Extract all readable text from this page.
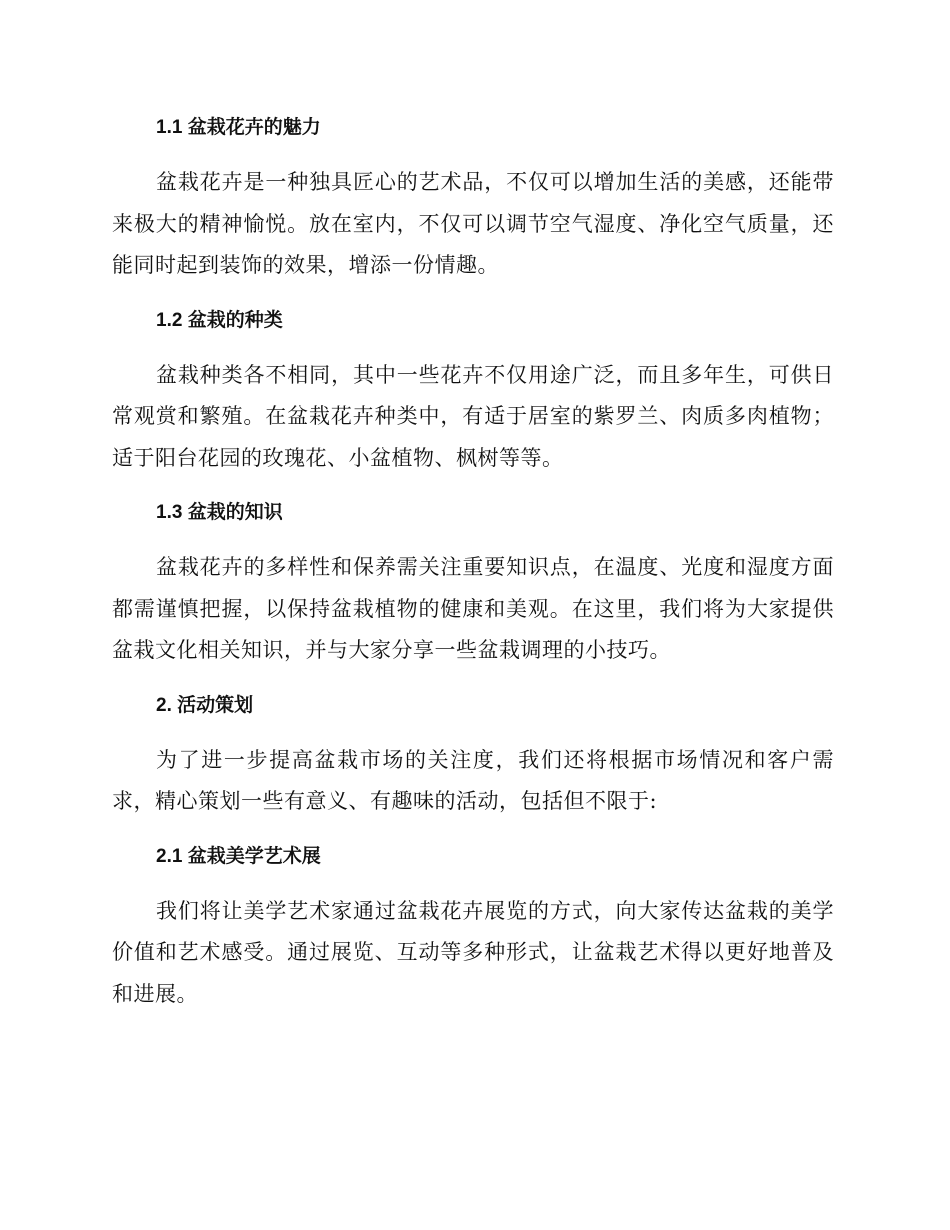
1.1 盆栽花卉的魅力

盆栽花卉是一种独具匠心的艺术品，不仅可以增加生活的美感，还能带来极大的精神愉悦。放在室内，不仅可以调节空气湿度、净化空气质量，还能同时起到装饰的效果，增添一份情趣。

1.2 盆栽的种类

盆栽种类各不相同，其中一些花卉不仅用途广泛，而且多年生，可供日常观赏和繁殖。在盆栽花卉种类中，有适于居室的紫罗兰、肉质多肉植物；适于阳台花园的玫瑰花、小盆植物、枫树等等。

1.3 盆栽的知识

盆栽花卉的多样性和保养需关注重要知识点，在温度、光度和湿度方面都需谨慎把握，以保持盆栽植物的健康和美观。在这里，我们将为大家提供盆栽文化相关知识，并与大家分享一些盆栽调理的小技巧。

2. 活动策划

为了进一步提高盆栽市场的关注度，我们还将根据市场情况和客户需求，精心策划一些有意义、有趣味的活动，包括但不限于:

2.1 盆栽美学艺术展

我们将让美学艺术家通过盆栽花卉展览的方式，向大家传达盆栽的美学价值和艺术感受。通过展览、互动等多种形式，让盆栽艺术得以更好地普及和进展。
